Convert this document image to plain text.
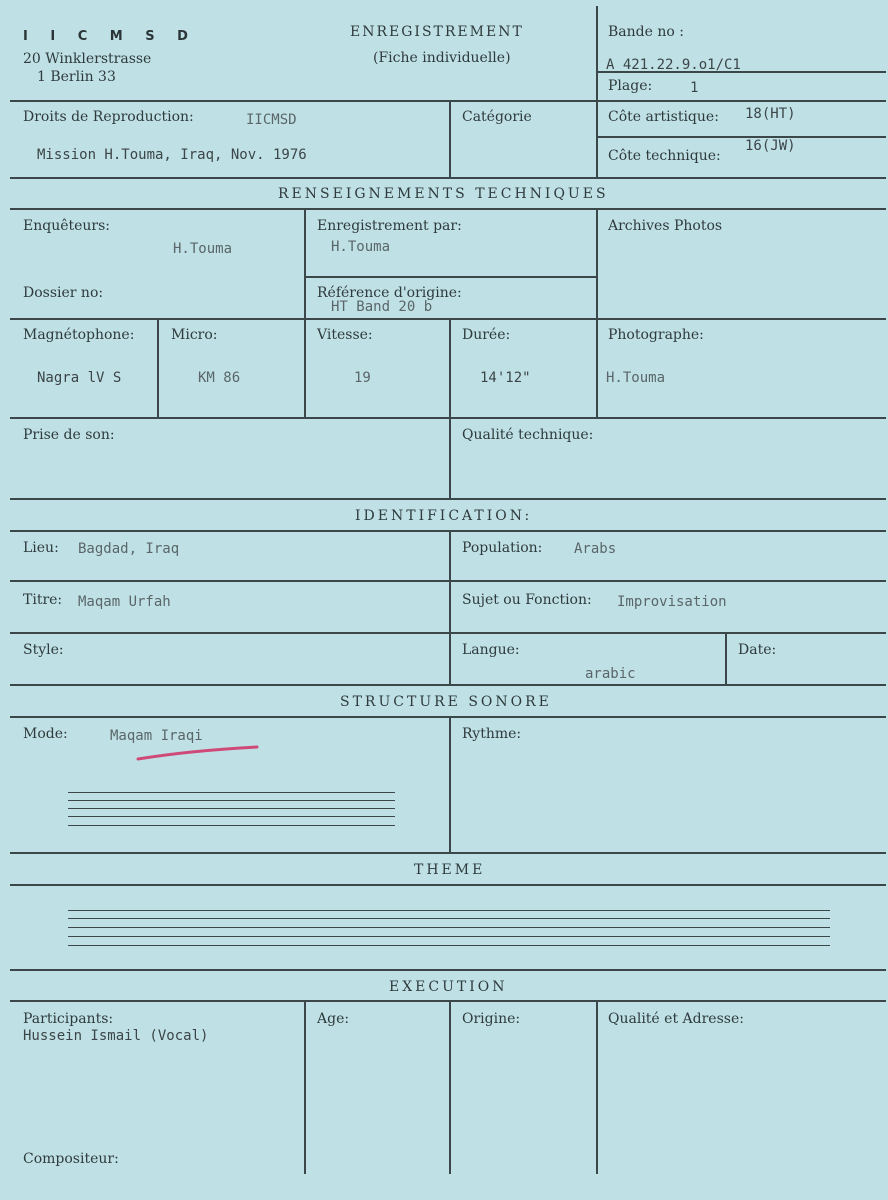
I I C M S D
20 Winklerstrasse
1 Berlin 33
ENREGISTREMENT
(Fiche individuelle)
Bande no :
A 421.22.9.o1/C1
Plage:	1
Droits de Reproduction:	IICMSD
Mission H.Touma, Iraq, Nov. 1976
Catégorie	Côte artistique: 18(HT)
Côte technique:
16(JW)
RENSEIGNEMENTS TECHNIQUES
Enquêteurs:
H.Touma
Enregistrement par:
H.Touma
Archives Photos
Dossier no:	Référence d'origine:
HT Band 20 b
Magnétophone:
Nagra lV S
Micro:
KM 86
Vitesse:
19
Durée:
14'12"
Photographe:
H.Touma
Prise de son:	Qualité technique:
IDENTIFICATION:
Lieu: Bagdad, Iraq	Population: Arabs
Titre: Maqam Urfah	Sujet ou Fonction: Improvisation
Style:	Langue:
arabic
Date:
STRUCTURE SONORE
Mode:	Maqam Iraqi	Rythme:
THEME
EXECUTION
Participants:
Hussein Ismail (Vocal)
Age:	Origine:	Qualité et Adresse:
Compositeur:
